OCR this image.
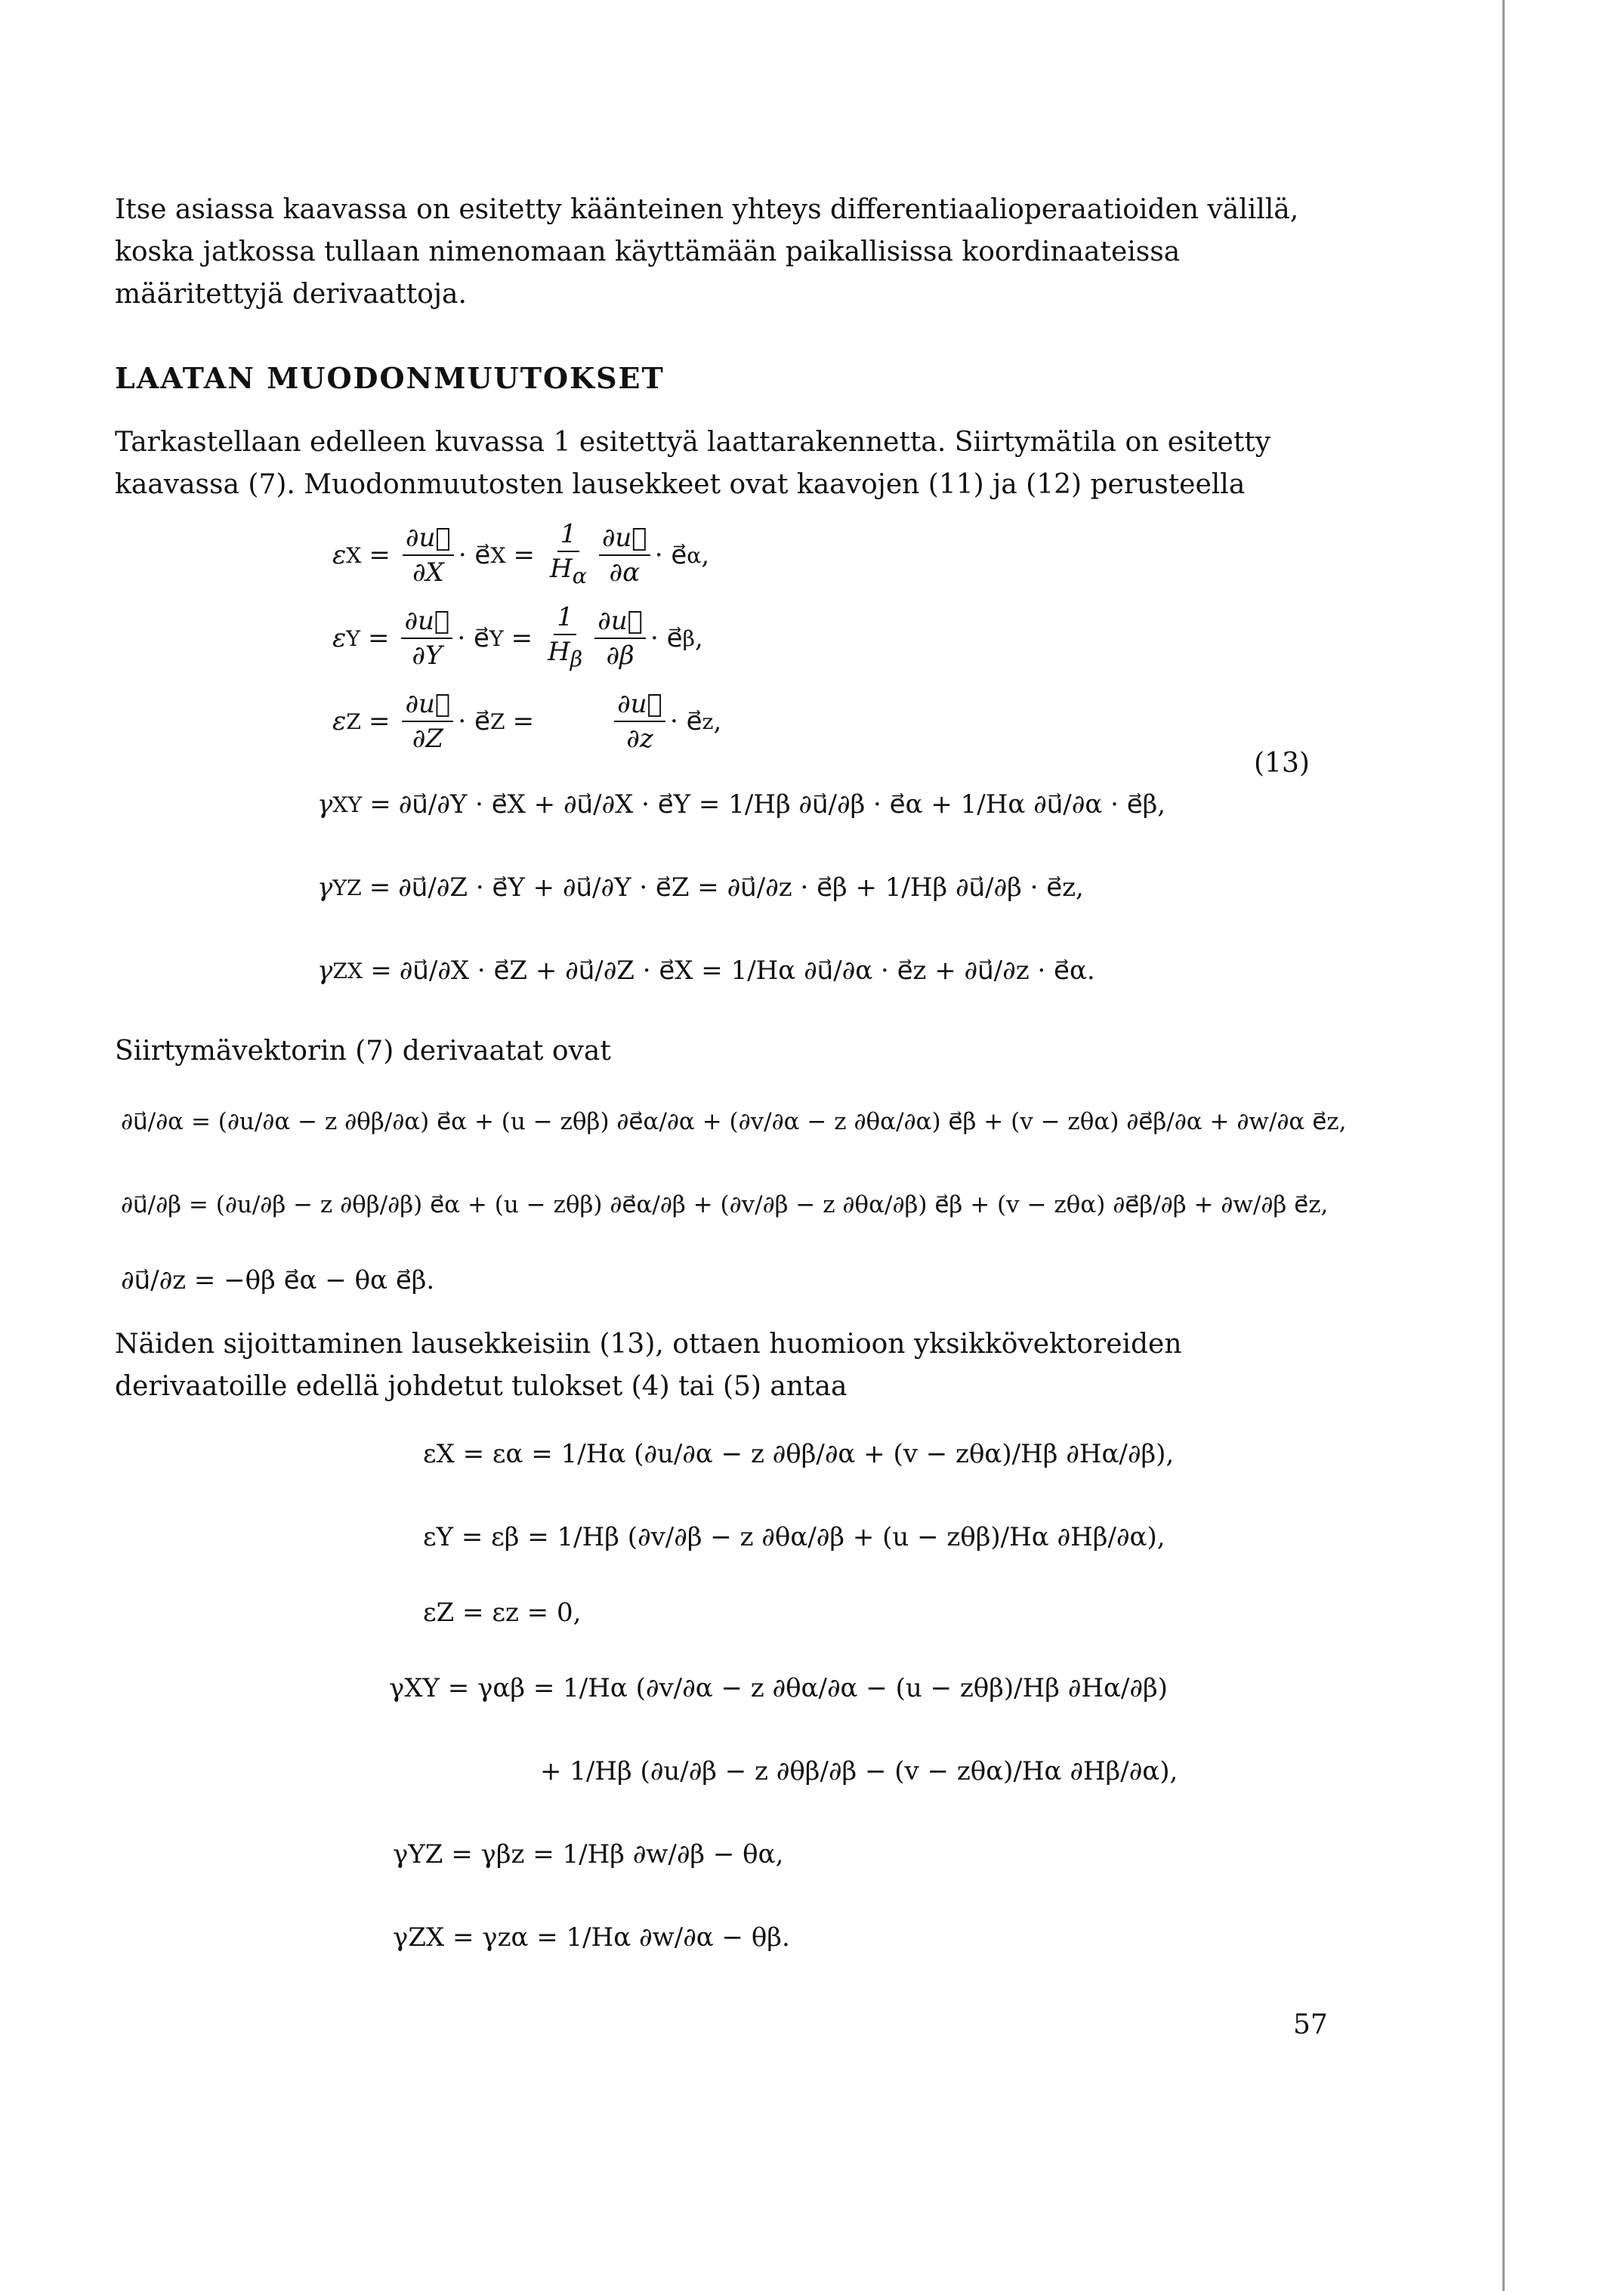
Itse asiassa kaavassa on esitetty käänteinen yhteys differentiaalioperaatioiden välillä, koska jatkossa tullaan nimenomaan käyttämään paikallisissa koordinaateissa määritettyjä derivaattoja.

LAATAN MUODONMUUTOKSET

Tarkastellaan edelleen kuvassa 1 esitettyä laattarakennetta. Siirtymätila on esitetty kaavassa (7). Muodonmuutosten lausekkeet ovat kaavojen (11) ja (12) perusteella

ε $X = \frac{\partial u⃗}{\partial X}$ · e⃗ $X = \frac{1}{H_\alpha} \frac{\partial u⃗}{\partial\alpha}$ · e⃗ α ,
ε $Y = \frac{\partial u⃗}{\partial Y}$ · e⃗ $Y = \frac{1}{H_\beta} \frac{\partial u⃗}{\partial\beta}$ · e⃗ β ,
ε $Z = \frac{\partial u⃗}{\partial Z}$ · e⃗ Z =	$\frac{\partial u⃗}{\partial z}$ · e⃗ z ,
γ XY = ∂u⃗/∂Y · e⃗X + ∂u⃗/∂X · e⃗Y = 1/Hβ ∂u⃗/∂β · e⃗α + 1/Hα ∂u⃗/∂α · e⃗β,
γ YZ = ∂u⃗/∂Z · e⃗Y + ∂u⃗/∂Y · e⃗Z = ∂u⃗/∂z · e⃗β + 1/Hβ ∂u⃗/∂β · e⃗z,
γ ZX = ∂u⃗/∂X · e⃗Z + ∂u⃗/∂Z · e⃗X = 1/Hα ∂u⃗/∂α · e⃗z + ∂u⃗/∂z · e⃗α.
(13)

Siirtymävektorin (7) derivaatat ovat

∂u⃗/∂α = (∂u/∂α − z ∂θβ/∂α) e⃗α + (u − zθβ) ∂e⃗α/∂α + (∂v/∂α − z ∂θα/∂α) e⃗β + (v − zθα) ∂e⃗β/∂α + ∂w/∂α e⃗z,
∂u⃗/∂β = (∂u/∂β − z ∂θβ/∂β) e⃗α + (u − zθβ) ∂e⃗α/∂β + (∂v/∂β − z ∂θα/∂β) e⃗β + (v − zθα) ∂e⃗β/∂β + ∂w/∂β e⃗z,
∂u⃗/∂z = −θβ e⃗α − θα e⃗β.

Näiden sijoittaminen lausekkeisiin (13), ottaen huomioon yksikkövektoreiden derivaatoille edellä johdetut tulokset (4) tai (5) antaa

εX = εα = 1/Hα (∂u/∂α − z ∂θβ/∂α + (v − zθα)/Hβ ∂Hα/∂β),
εY = εβ = 1/Hβ (∂v/∂β − z ∂θα/∂β + (u − zθβ)/Hα ∂Hβ/∂α),
εZ = εz = 0,
γXY = γαβ = 1/Hα (∂v/∂α − z ∂θα/∂α − (u − zθβ)/Hβ ∂Hα/∂β)
+ 1/Hβ (∂u/∂β − z ∂θβ/∂β − (v − zθα)/Hα ∂Hβ/∂α),
γYZ = γβz = 1/Hβ ∂w/∂β − θα,
γZX = γzα = 1/Hα ∂w/∂α − θβ.
57
